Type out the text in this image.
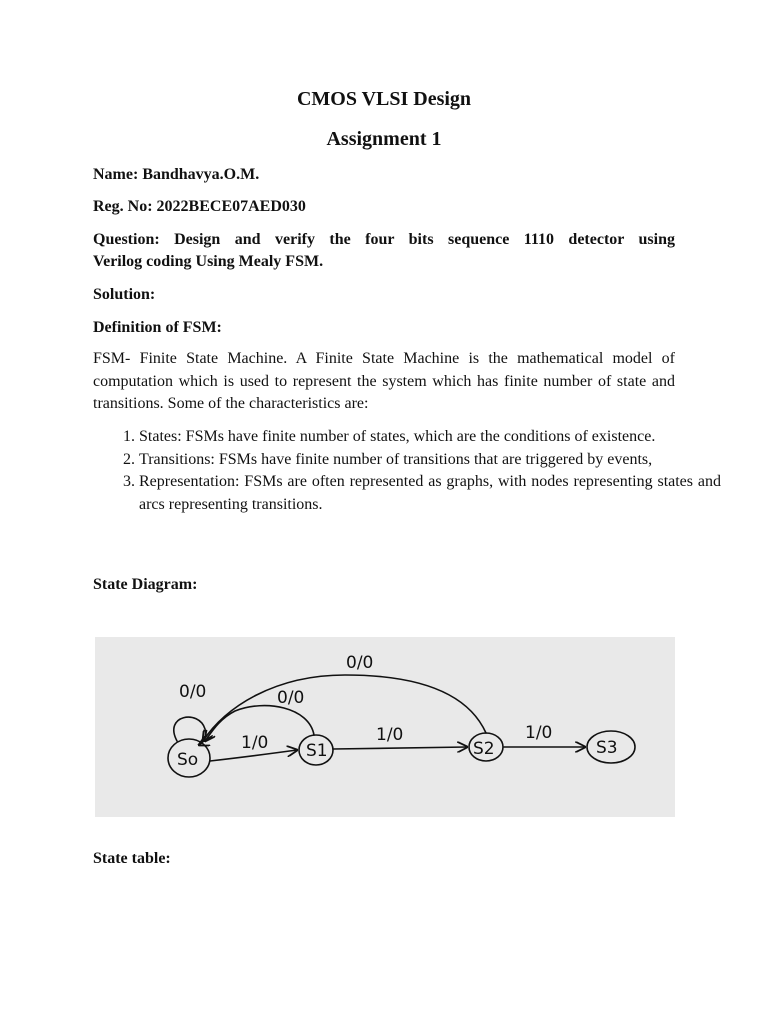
CMOS VLSI Design
Assignment 1

Name: Bandhavya.O.M.

Reg. No: 2022BECE07AED030

Question: Design and verify the four bits sequence 1110 detector using

Verilog coding Using Mealy FSM.

Solution:

Definition of FSM:

FSM- Finite State Machine. A Finite State Machine is the mathematical model of computation which is used to represent the system which has finite number of state and transitions. Some of the characteristics are:

1. States: FSMs have finite number of states, which are the conditions of existence.
2. Transitions: FSMs have finite number of transitions that are triggered by events,
3. Representation: FSMs are often represented as graphs, with nodes representing states and arcs representing transitions.

State Diagram:

So	S1	S2	S3
0/0
1/0
0/0
1/0
0/0
1/0

State table:
